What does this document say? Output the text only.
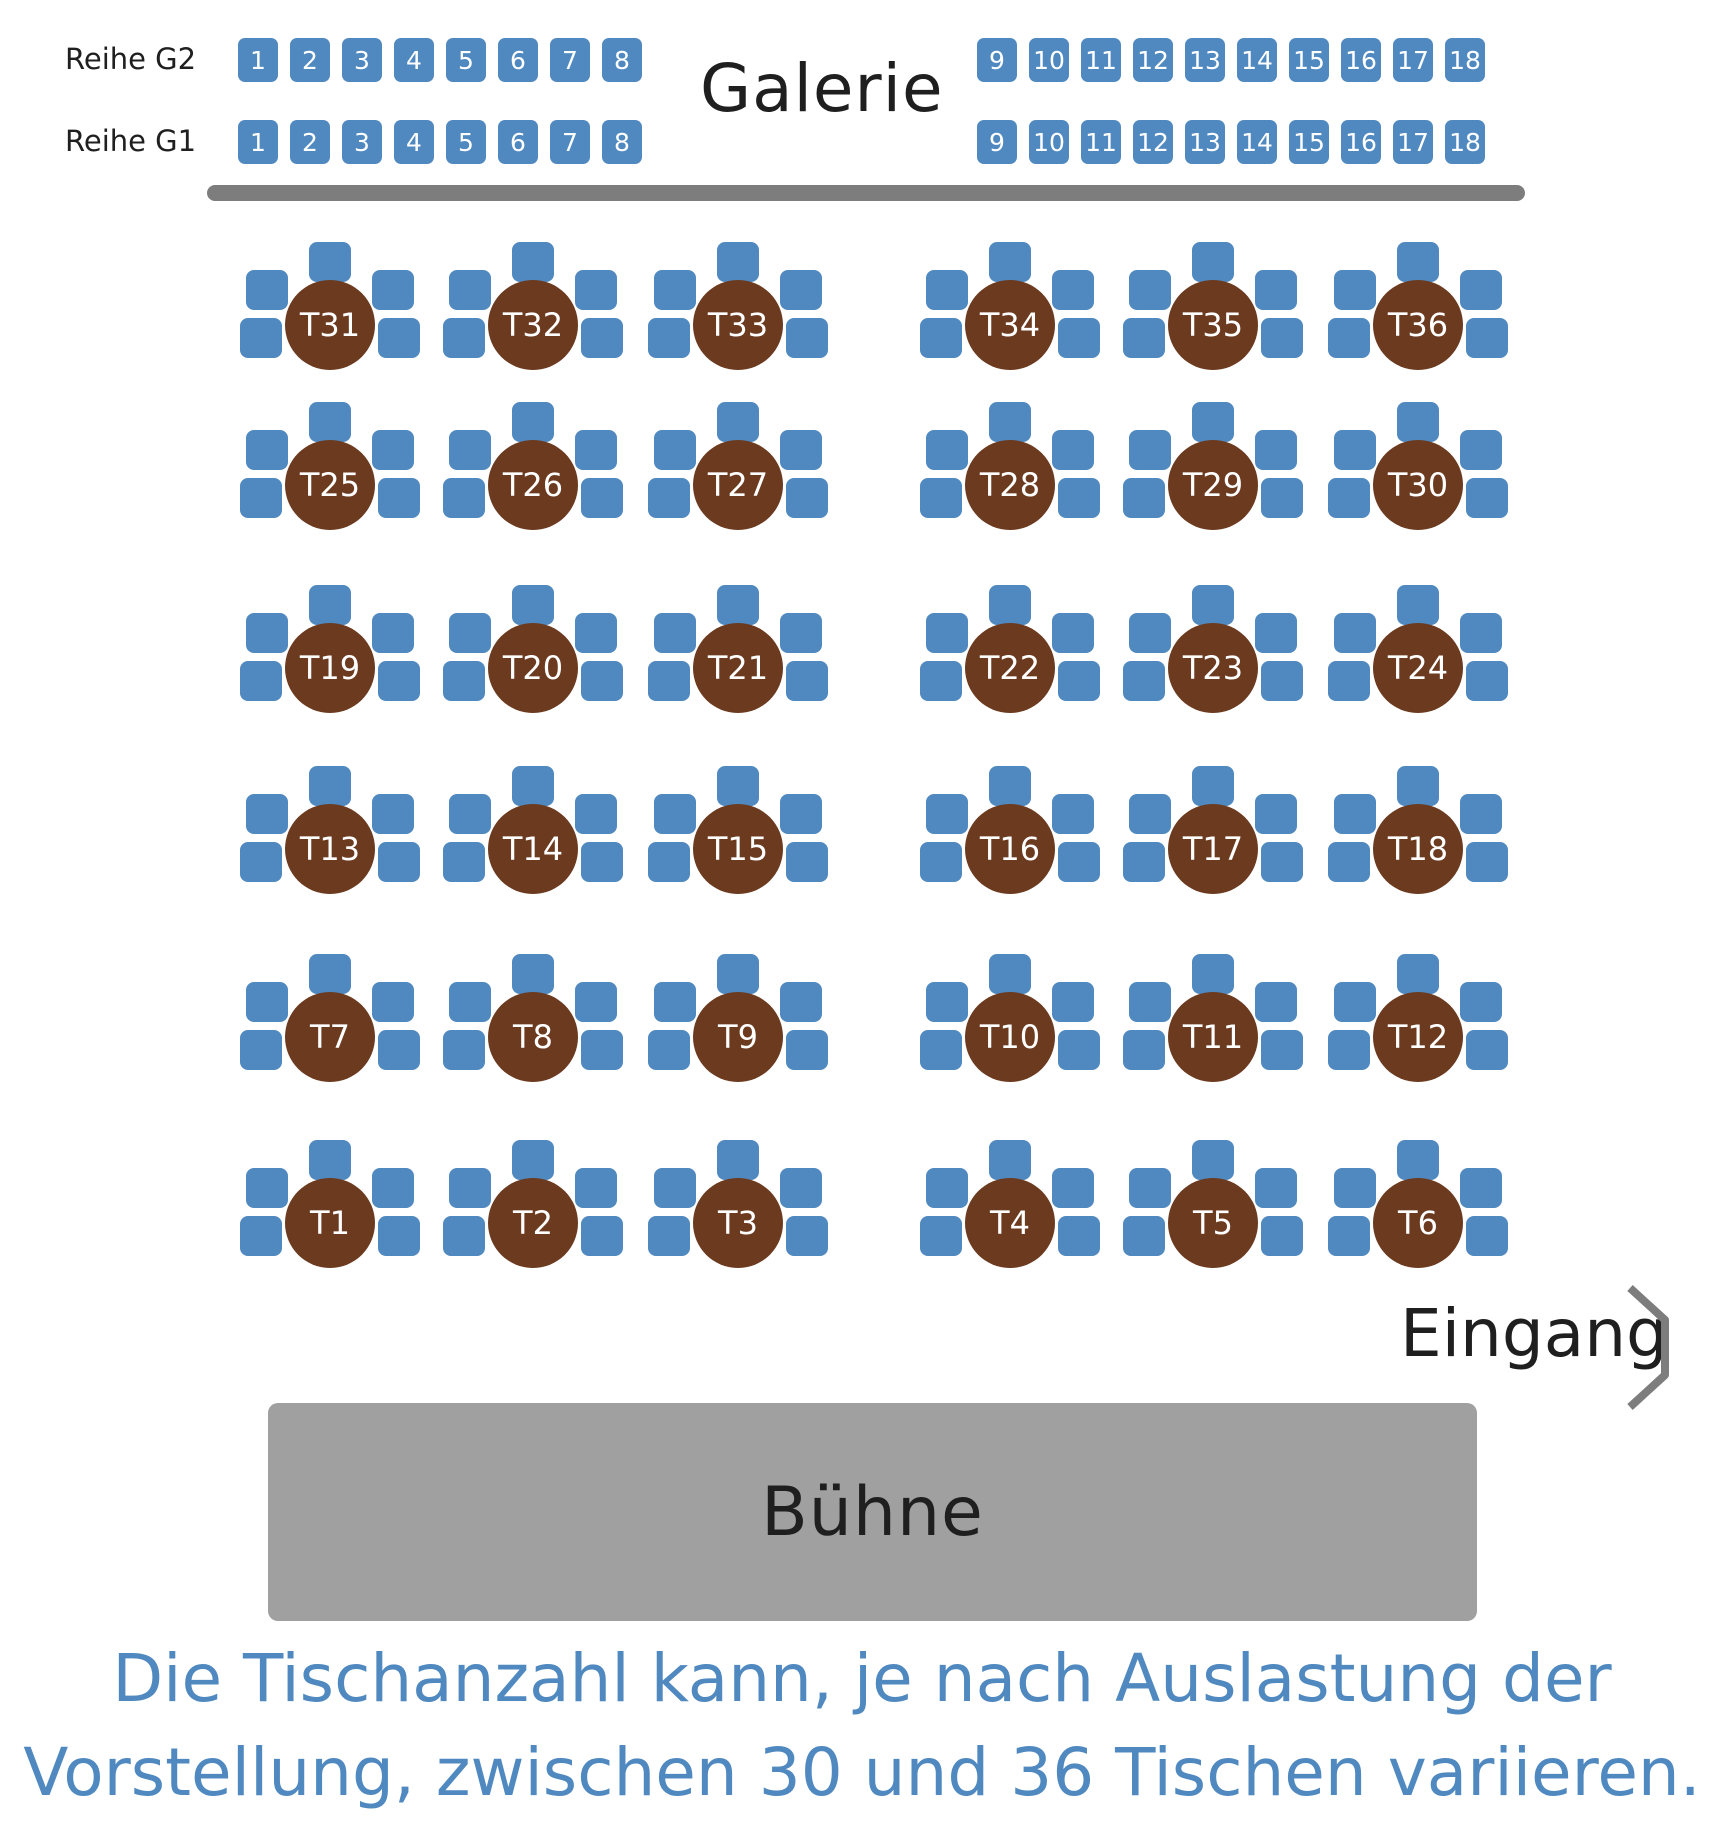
Galerie
Reihe G2	1	2	3	4	5	6	7	8	9	10 11 12 13 14 15 16 17 18
Reihe G1	1	2	3	4	5	6	7	8	9	10 11 12 13 14 15 16 17 18
T31	T32	T33	T34	T35	T36
T25	T26	T27	T28	T29	T30
T19	T20	T21	T22	T23	T24
T13	T14	T15	T16	T17	T18
T7	T8	T9	T10	T11	T12
T1	T2	T3	T4	T5	T6
Eingang
Bühne
Die Tischanzahl kann, je nach Auslastung der
Vorstellung, zwischen 30 und 36 Tischen variieren.
